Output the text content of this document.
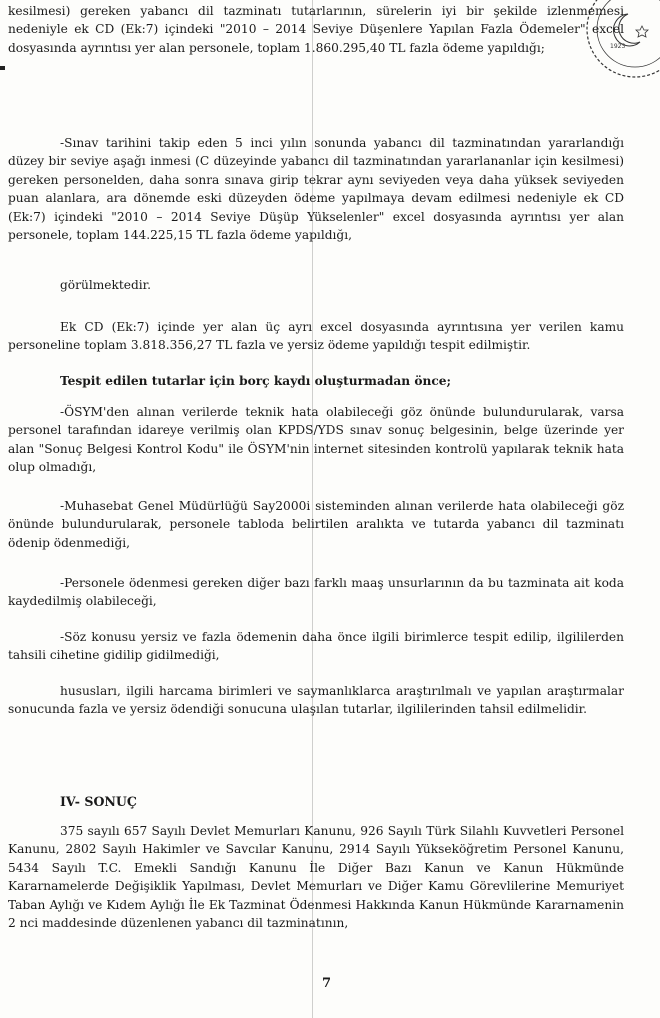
1923

kesilmesi) gereken yabancı dil tazminatı tutarlarının, sürelerin iyi bir şekilde izlenmemesi nedeniyle ek CD (Ek:7) içindeki "2010 – 2014 Seviye Düşenlere Yapılan Fazla Ödemeler" excel dosyasında ayrıntısı yer alan personele, toplam 1.860.295,40 TL fazla ödeme yapıldığı;

-Sınav tarihini takip eden 5 inci yılın sonunda yabancı dil tazminatından yararlandığı düzey bir seviye aşağı inmesi (C düzeyinde yabancı dil tazminatından yararlananlar için kesilmesi) gereken personelden, daha sonra sınava girip tekrar aynı seviyeden veya daha yüksek seviyeden puan alanlara, ara dönemde eski düzeyden ödeme yapılmaya devam edilmesi nedeniyle ek CD (Ek:7) içindeki "2010 – 2014 Seviye Düşüp Yükselenler" excel dosyasında ayrıntısı yer alan personele, toplam 144.225,15 TL fazla ödeme yapıldığı,

görülmektedir.

Ek CD (Ek:7) içinde yer alan üç ayrı excel dosyasında ayrıntısına yer verilen kamu personeline toplam 3.818.356,27 TL fazla ve yersiz ödeme yapıldığı tespit edilmiştir.

Tespit edilen tutarlar için borç kaydı oluşturmadan önce;

-ÖSYM'den alınan verilerde teknik hata olabileceği göz önünde bulundurularak, varsa personel tarafından idareye verilmiş olan KPDS/YDS sınav sonuç belgesinin, belge üzerinde yer alan "Sonuç Belgesi Kontrol Kodu" ile ÖSYM'nin internet sitesinden kontrolü yapılarak teknik hata olup olmadığı,

-Muhasebat Genel Müdürlüğü Say2000i sisteminden alınan verilerde hata olabileceği göz önünde bulundurularak, personele tabloda belirtilen aralıkta ve tutarda yabancı dil tazminatı ödenip ödenmediği,

-Personele ödenmesi gereken diğer bazı farklı maaş unsurlarının da bu tazminata ait koda kaydedilmiş olabileceği,

-Söz konusu yersiz ve fazla ödemenin daha önce ilgili birimlerce tespit edilip, ilgililerden tahsili cihetine gidilip gidilmediği,

hususları, ilgili harcama birimleri ve saymanlıklarca araştırılmalı ve yapılan araştırmalar sonucunda fazla ve yersiz ödendiği sonucuna ulaşılan tutarlar, ilgililerinden tahsil edilmelidir.

IV- SONUÇ

375 sayılı 657 Sayılı Devlet Memurları Kanunu, 926 Sayılı Türk Silahlı Kuvvetleri Personel Kanunu, 2802 Sayılı Hakimler ve Savcılar Kanunu, 2914 Sayılı Yükseköğretim Personel Kanunu, 5434 Sayılı T.C. Emekli Sandığı Kanunu İle Diğer Bazı Kanun ve Kanun Hükmünde Kararnamelerde Değişiklik Yapılması, Devlet Memurları ve Diğer Kamu Görevlilerine Memuriyet Taban Aylığı ve Kıdem Aylığı İle Ek Tazminat Ödenmesi Hakkında Kanun Hükmünde Kararnamenin 2 nci maddesinde düzenlenen yabancı dil tazminatının,

7
